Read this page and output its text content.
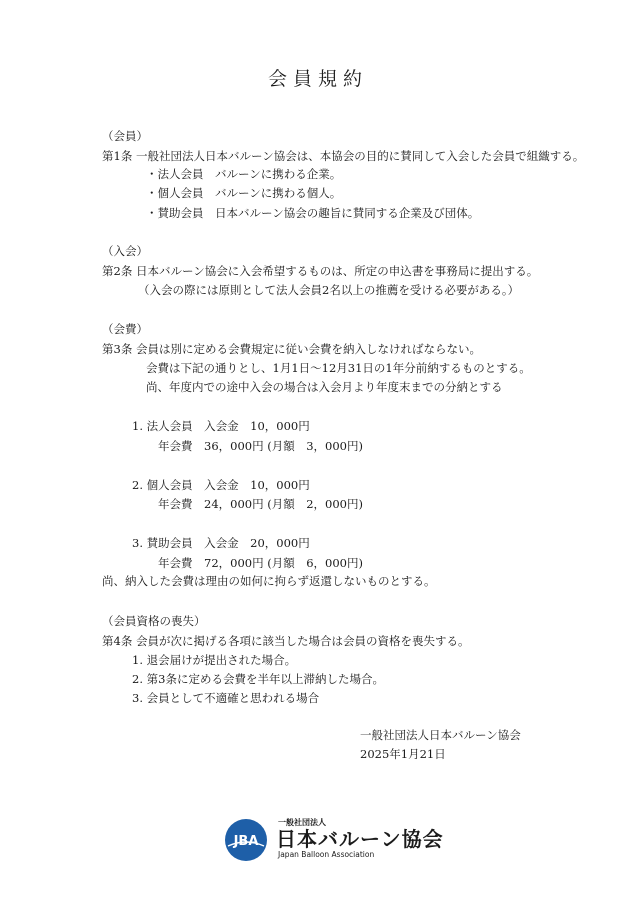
会員規約
（会員）
第1条 一般社団法人日本バルーン協会は、本協会の目的に賛同して入会した会員で組織する。
・法人会員　バルーンに携わる企業。
・個人会員　バルーンに携わる個人。
・賛助会員　日本バルーン協会の趣旨に賛同する企業及び団体。
（入会）
第2条 日本バルーン協会に入会希望するものは、所定の申込書を事務局に提出する。
（入会の際には原則として法人会員2名以上の推薦を受ける必要がある。）
（会費）
第3条 会員は別に定める会費規定に従い会費を納入しなければならない。
会費は下記の通りとし、1月1日〜12月31日の1年分前納するものとする。
尚、年度内での途中入会の場合は入会月より年度末までの分納とする
1. 法人会員　入会金　10，000円
年会費　36，000円 (月額　3，000円)
2. 個人会員　入会金　10，000円
年会費　24，000円 (月額　2，000円)
3. 賛助会員　入会金　20，000円
年会費　72，000円 (月額　6，000円)
尚、納入した会費は理由の如何に拘らず返還しないものとする。
（会員資格の喪失）
第4条 会員が次に掲げる各項に該当した場合は会員の資格を喪失する。
1. 退会届けが提出された場合。
2. 第3条に定める会費を半年以上滞納した場合。
3. 会員として不適確と思われる場合
一般社団法人日本バルーン協会
2025年1月21日
JBA
一般社団法人
日本バルーン協会
Japan Balloon Association
